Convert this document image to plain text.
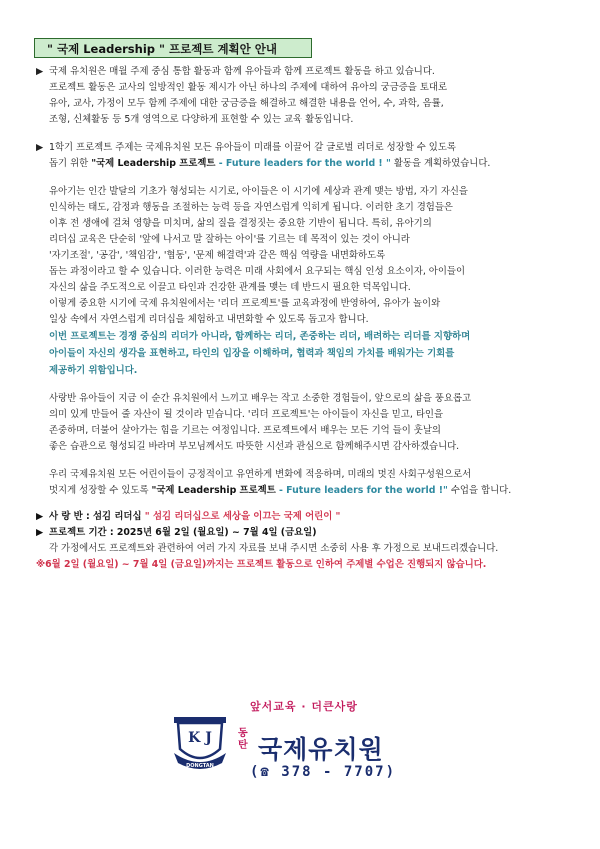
" 국제 Leadership " 프로젝트 계획안 안내

▶ 국제 유치원은 매월 주제 중심 통합 활동과 함께 유아들과 함께 프로젝트 활동을 하고 있습니다.

프로젝트 활동은 교사의 일방적인 활동 제시가 아닌 하나의 주제에 대하여 유아의 궁금증을 토대로

유아, 교사, 가정이 모두 함께 주제에 대한 궁금증을 해결하고 해결한 내용을 언어, 수, 과학, 음률,

조형, 신체활동 등 5개 영역으로 다양하게 표현할 수 있는 교육 활동입니다.

▶ 1학기 프로젝트 주제는 국제유치원 모든 유아들이 미래를 이끌어 갈 글로벌 리더로 성장할 수 있도록

돕기 위한 "국제 Leadership 프로젝트 - Future leaders for the world ! " 활동을 계획하였습니다.

유아기는 인간 발달의 기초가 형성되는 시기로, 아이들은 이 시기에 세상과 관계 맺는 방법, 자기 자신을

인식하는 태도, 감정과 행동을 조절하는 능력 등을 자연스럽게 익히게 됩니다. 이러한 초기 경험들은

이후 전 생애에 걸쳐 영향을 미치며, 삶의 질을 결정짓는 중요한 기반이 됩니다. 특히, 유아기의

리더십 교육은 단순히 '앞에 나서고 말 잘하는 아이'를 기르는 데 목적이 있는 것이 아니라

'자기조절', '공감', '책임감', '협동', '문제 해결력'과 같은 핵심 역량을 내면화하도록

돕는 과정이라고 할 수 있습니다. 이러한 능력은 미래 사회에서 요구되는 핵심 인성 요소이자, 아이들이

자신의 삶을 주도적으로 이끌고 타인과 건강한 관계를 맺는 데 반드시 필요한 덕목입니다.

이렇게 중요한 시기에 국제 유치원에서는 '리더 프로젝트'를 교육과정에 반영하여, 유아가 놀이와

일상 속에서 자연스럽게 리더십을 체험하고 내면화할 수 있도록 돕고자 합니다.

이번 프로젝트는 경쟁 중심의 리더가 아니라, 함께하는 리더, 존중하는 리더, 배려하는 리더를 지향하며

아이들이 자신의 생각을 표현하고, 타인의 입장을 이해하며, 협력과 책임의 가치를 배워가는 기회를

제공하기 위함입니다.

사랑반 유아들이 지금 이 순간 유치원에서 느끼고 배우는 작고 소중한 경험들이, 앞으로의 삶을 풍요롭고

의미 있게 만들어 줄 자산이 될 것이라 믿습니다. '리더 프로젝트'는 아이들이 자신을 믿고, 타인을

존중하며, 더불어 살아가는 힘을 기르는 여정입니다. 프로젝트에서 배우는 모든 기억 들이 훗날의

좋은 습관으로 형성되길 바라며 부모님께서도 따뜻한 시선과 관심으로 함께해주시면 감사하겠습니다.

우리 국제유치원 모든 어린이들이 긍정적이고 유연하게 변화에 적응하며, 미래의 멋진 사회구성원으로서

멋지게 성장할 수 있도록 "국제 Leadership 프로젝트 - Future leaders for the world !" 수업을 합니다.

▶ 사 랑 반 : 섬김 리더십 " 섬김 리더십으로 세상을 이끄는 국제 어린이 "

▶ 프로젝트 기간 : 2025년 6월 2일 (월요일) ~ 7월 4일 (금요일)

각 가정에서도 프로젝트와 관련하여 여러 가지 자료를 보내 주시면 소중히 사용 후 가정으로 보내드리겠습니다.

※6월 2일 (월요일) ~ 7월 4일 (금요일)까지는 프로젝트 활동으로 인하여 주제별 수업은 진행되지 않습니다.

K J
DONGTAN
앞서교육 · 더큰사랑
동탄 국제유치원
(☎ 378 - 7707)
